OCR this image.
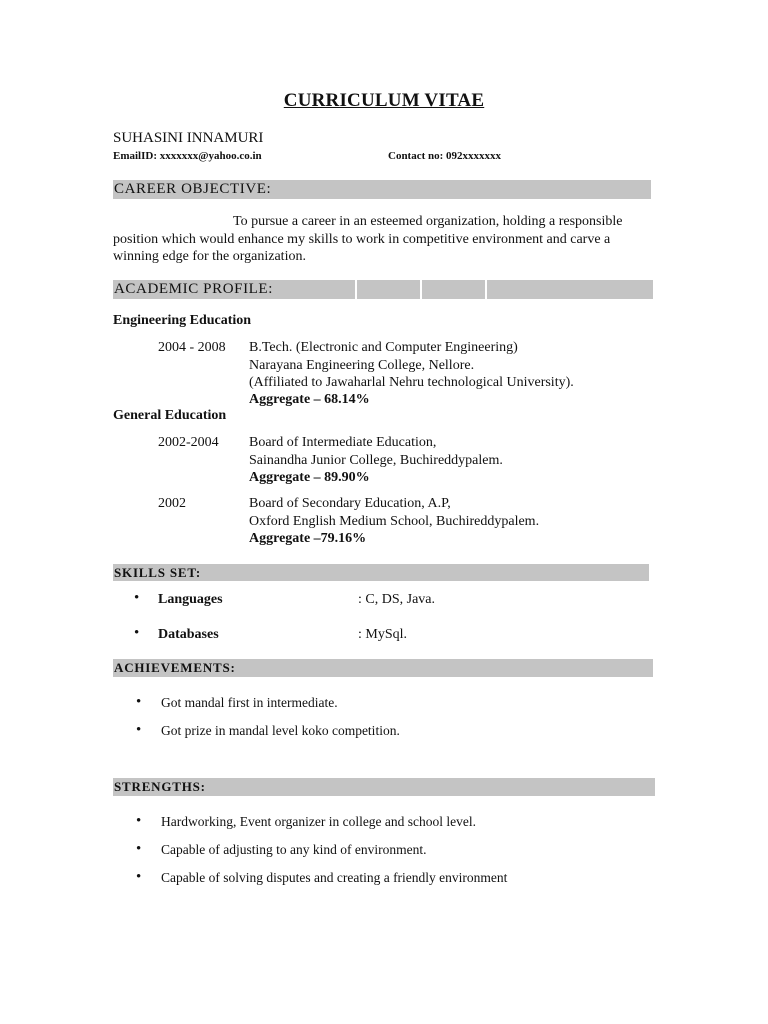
CURRICULUM VITAE
SUHASINI INNAMURI
EmailID: xxxxxxx@yahoo.co.in	Contact no: 092xxxxxxx
CAREER OBJECTIVE:
To pursue a career in an esteemed organization, holding a responsible
position which would enhance my skills to work in competitive environment and carve a
winning edge for the organization.
ACADEMIC PROFILE:
Engineering Education
2004 - 2008 B.Tech. (Electronic and Computer Engineering)
Narayana Engineering College, Nellore.
(Affiliated to Jawaharlal Nehru technological University).
Aggregate – 68.14%
General Education
2002-2004 Board of Intermediate Education,
Sainandha Junior College, Buchireddypalem.
Aggregate – 89.90%
2002	Board of Secondary Education, A.P,
Oxford English Medium School, Buchireddypalem.
Aggregate –79.16%
SKILLS SET:
• Languages	: C, DS, Java.
• Databases	: MySql.
ACHIEVEMENTS:
• Got mandal first in intermediate.
• Got prize in mandal level koko competition.
STRENGTHS:
• Hardworking, Event organizer in college and school level.
• Capable of adjusting to any kind of environment.
• Capable of solving disputes and creating a friendly environment
